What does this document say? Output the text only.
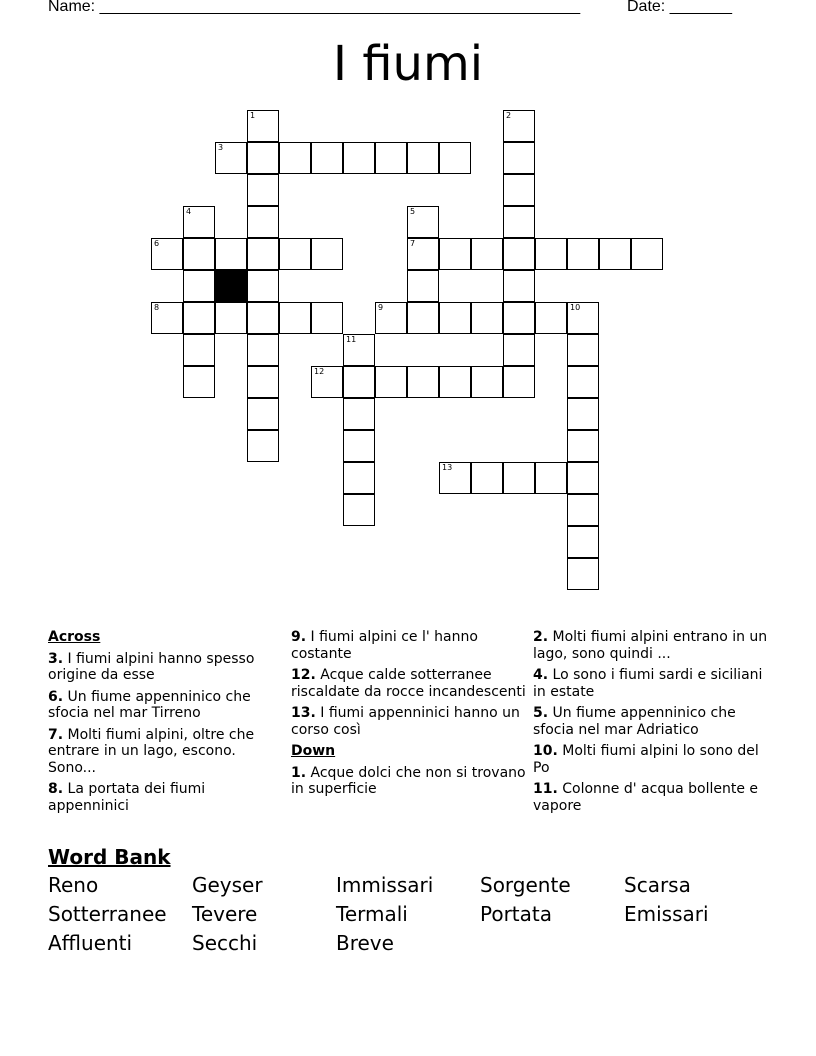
Name: ______________________________________________________	Date: _______
I fiumi
3
6	7
8	9	10
12
13
1	2
4	5
11
Across
3. I fiumi alpini hanno spesso origine da esse
6. Un fiume appenninico che sfocia nel mar Tirreno
7. Molti fiumi alpini, oltre che entrare in un lago, escono. Sono...
8. La portata dei fiumi appenninici
9. I fiumi alpini ce l' hanno costante
12. Acque calde sotterranee riscaldate da rocce incandescenti
13. I fiumi appenninici hanno un corso così
Down
1. Acque dolci che non si trovano in superficie
2. Molti fiumi alpini entrano in un lago, sono quindi ...
4. Lo sono i fiumi sardi e siciliani in estate
5. Un fiume appenninico che sfocia nel mar Adriatico
10. Molti fiumi alpini lo sono del Po
11. Colonne d' acqua bollente e vapore
Word Bank
Reno	Geyser	Immissari	Sorgente	Scarsa
Sotterranee	Tevere	Termali	Portata	Emissari
Affluenti	Secchi	Breve
